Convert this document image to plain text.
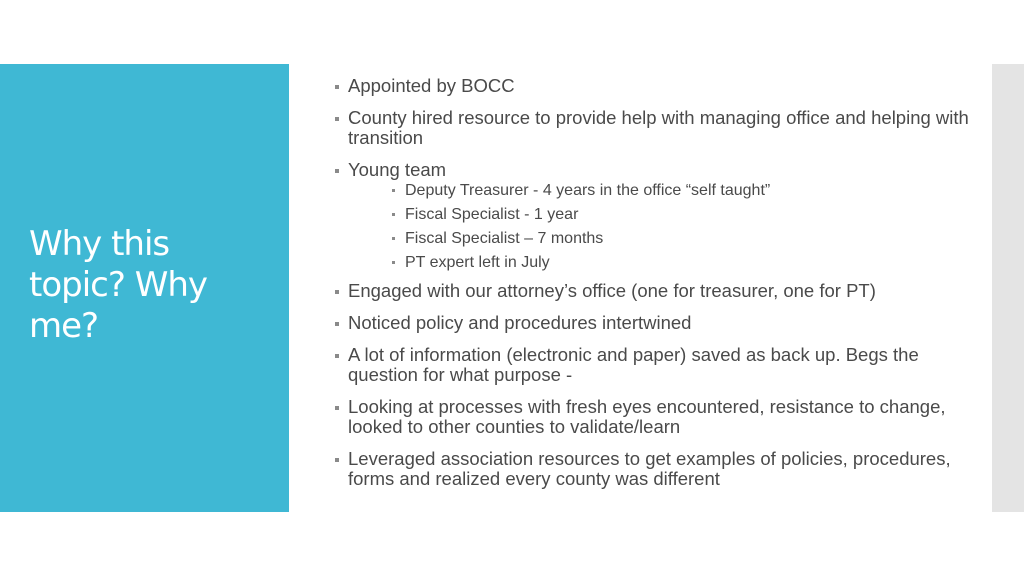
Why this topic? Why me?
Appointed by BOCC
County hired resource to provide help with managing office and helping with transition
Young team
Deputy Treasurer - 4 years in the office “self taught”
Fiscal Specialist - 1 year
Fiscal Specialist – 7 months
PT expert left in July
Engaged with our attorney’s office (one for treasurer, one for PT)
Noticed policy and procedures intertwined
A lot of information (electronic and paper) saved as back up. Begs the question for what purpose -
Looking at processes with fresh eyes encountered, resistance to change, looked to other counties to validate/learn
Leveraged association resources to get examples of policies, procedures, forms and realized every county was different
